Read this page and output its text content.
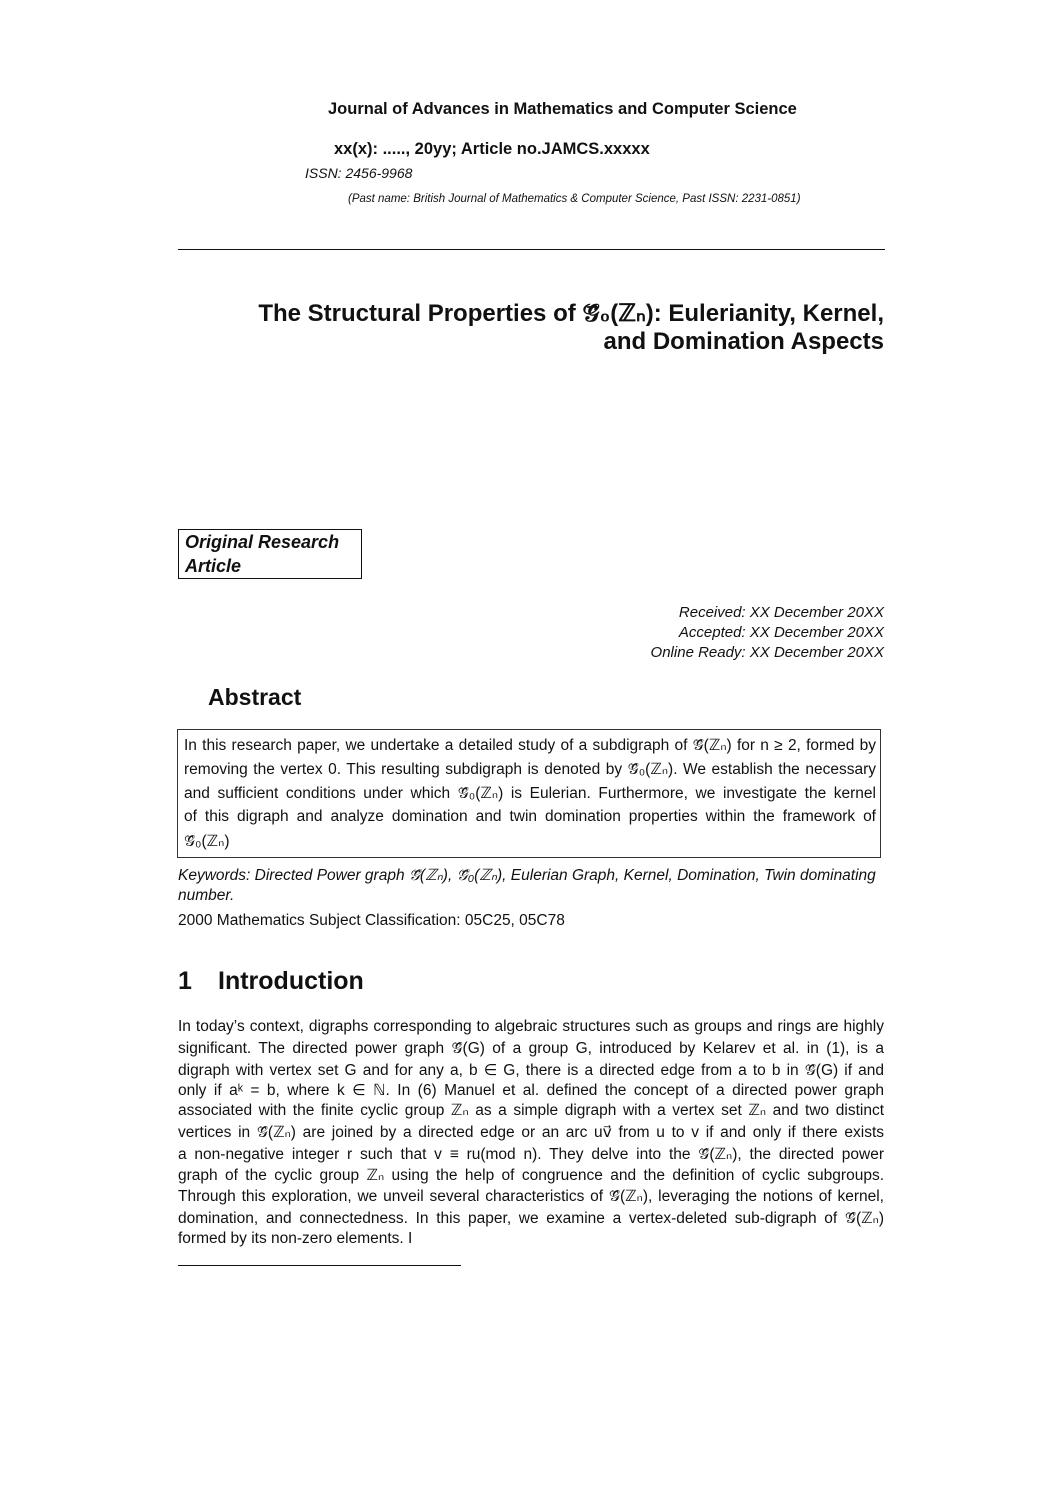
Journal of Advances in Mathematics and Computer Science
xx(x): ....., 20yy; Article no.JAMCS.xxxxx
ISSN: 2456-9968
(Past name: British Journal of Mathematics & Computer Science, Past ISSN: 2231-0851)
The Structural Properties of 𝒢⃗₀(ℤₙ): Eulerianity, Kernel,
and Domination Aspects
Original Research
Article
Received: XX December 20XX
Accepted: XX December 20XX
Online Ready: XX December 20XX
Abstract
In this research paper, we undertake a detailed study of a subdigraph of 𝒢⃗(ℤₙ) for n ≥ 2, formed by
removing the vertex 0. This resulting subdigraph is denoted by 𝒢⃗₀(ℤₙ). We establish the necessary
and sufficient conditions under which 𝒢⃗₀(ℤₙ) is Eulerian. Furthermore, we investigate the kernel
of this digraph and analyze domination and twin domination properties within the framework of
𝒢⃗₀(ℤₙ)
Keywords: Directed Power graph 𝒢⃗(ℤₙ), 𝒢⃗₀(ℤₙ), Eulerian Graph, Kernel, Domination, Twin dominating
number.
2000 Mathematics Subject Classification: 05C25, 05C78
1 Introduction
In today’s context, digraphs corresponding to algebraic structures such as groups and rings are highly
significant. The directed power graph 𝒢⃗(G) of a group G, introduced by Kelarev et al. in (1), is a
digraph with vertex set G and for any a, b ∈ G, there is a directed edge from a to b in 𝒢⃗(G) if and
only if aᵏ = b, where k ∈ ℕ. In (6) Manuel et al. defined the concept of a directed power graph
associated with the finite cyclic group ℤₙ as a simple digraph with a vertex set ℤₙ and two distinct
vertices in 𝒢⃗(ℤₙ) are joined by a directed edge or an arc uv⃗ from u to v if and only if there exists
a non-negative integer r such that v ≡ ru(mod n). They delve into the 𝒢⃗(ℤₙ), the directed power
graph of the cyclic group ℤₙ using the help of congruence and the definition of cyclic subgroups.
Through this exploration, we unveil several characteristics of 𝒢⃗(ℤₙ), leveraging the notions of kernel,
domination, and connectedness. In this paper, we examine a vertex-deleted sub-digraph of 𝒢⃗(ℤₙ)
formed by its non-zero elements. I
